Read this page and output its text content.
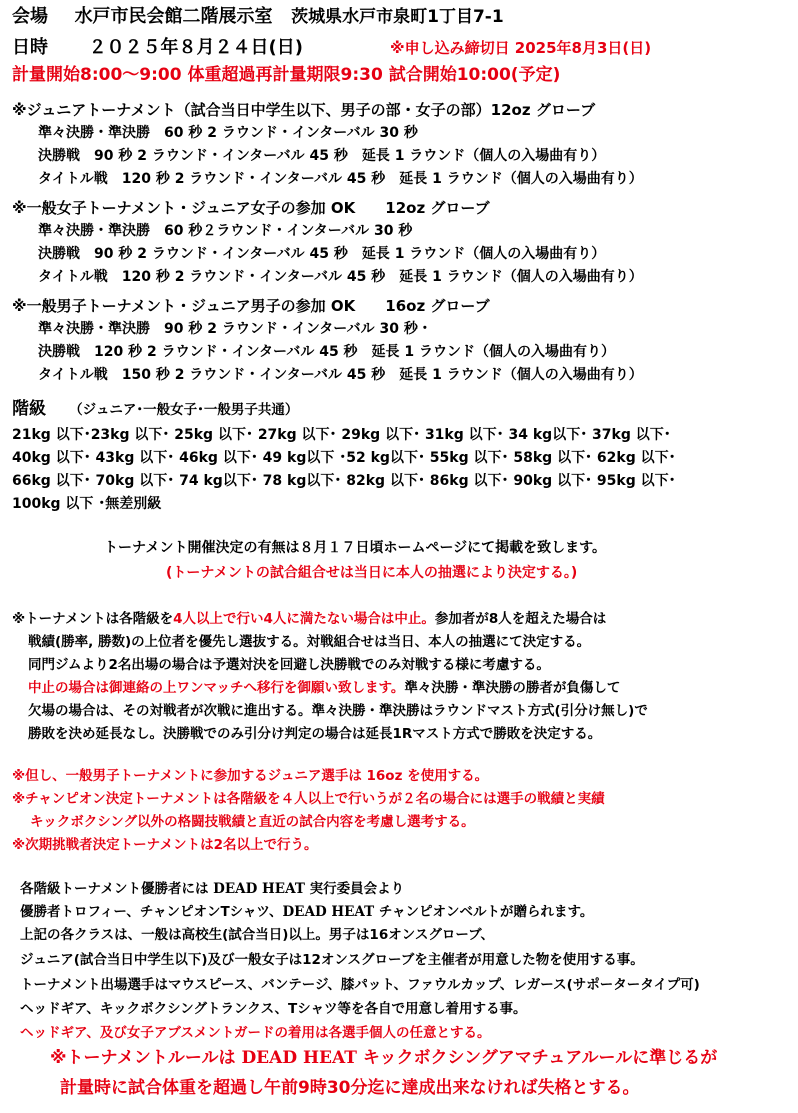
会場 水戸市民会館二階展示室 茨城県水戸市泉町1丁目7-1
日時 ２０２５年８月２４日(日)	※申し込み締切日 2025年8月3日(日)
計量開始8:00～9:00 体重超過再計量期限9:30 試合開始10:00(予定)
※ジュニアトーナメント（試合当日中学生以下、男子の部・女子の部）12oz グローブ
準々決勝・準決勝　60 秒 2 ラウンド・インターバル 30 秒
決勝戦　90 秒 2 ラウンド・インターバル 45 秒　延長 1 ラウンド（個人の入場曲有り）
タイトル戦　120 秒 2 ラウンド・インターバル 45 秒　延長 1 ラウンド（個人の入場曲有り）
※一般女子トーナメント・ジュニア女子の参加 OK　　12oz グローブ
準々決勝・準決勝　60 秒２ラウンド・インターバル 30 秒
決勝戦　90 秒 2 ラウンド・インターバル 45 秒　延長 1 ラウンド（個人の入場曲有り）
タイトル戦　120 秒 2 ラウンド・インターバル 45 秒　延長 1 ラウンド（個人の入場曲有り）
※一般男子トーナメント・ジュニア男子の参加 OK　　16oz グローブ
準々決勝・準決勝　90 秒 2 ラウンド・インターバル 30 秒・
決勝戦　120 秒 2 ラウンド・インターバル 45 秒　延長 1 ラウンド（個人の入場曲有り）
タイトル戦　150 秒 2 ラウンド・インターバル 45 秒　延長 1 ラウンド（個人の入場曲有り）
階級 （ジュニア･一般女子･一般男子共通）
21kg 以下･23kg 以下･ 25kg 以下･ 27kg 以下･ 29kg 以下･ 31kg 以下･ 34 kg以下･ 37kg 以下･
40kg 以下･ 43kg 以下･ 46kg 以下･ 49 kg以下 ･52 kg以下･ 55kg 以下･ 58kg 以下･ 62kg 以下･
66kg 以下･ 70kg 以下･ 74 kg以下･ 78 kg以下･ 82kg 以下･ 86kg 以下･ 90kg 以下･ 95kg 以下･
100kg 以下 ･無差別級
トーナメント開催決定の有無は８月１７日頃ホームページにて掲載を致します。
(トーナメントの試合組合せは当日に本人の抽選により決定する。)
※トーナメントは各階級を4人以上で行い4人に満たない場合は中止。参加者が8人を超えた場合は
戦績(勝率, 勝数)の上位者を優先し選抜する。対戦組合せは当日、本人の抽選にて決定する。
同門ジムより2名出場の場合は予選対決を回避し決勝戦でのみ対戦する様に考慮する。
中止の場合は御連絡の上ワンマッチへ移行を御願い致します。準々決勝・準決勝の勝者が負傷して
欠場の場合は、その対戦者が次戦に進出する。準々決勝・準決勝はラウンドマスト方式(引分け無し)で
勝敗を決め延長なし。決勝戦でのみ引分け判定の場合は延長1Rマスト方式で勝敗を決定する。
※但し、一般男子トーナメントに参加するジュニア選手は 16oz を使用する。
※チャンピオン決定トーナメントは各階級を４人以上で行いうが２名の場合には選手の戦績と実績
キックボクシング以外の格闘技戦績と直近の試合内容を考慮し選考する。
※次期挑戦者決定トーナメントは2名以上で行う。
各階級トーナメント優勝者には DEAD HEAT 実行委員会より
優勝者トロフィー、チャンピオンTシャツ、DEAD HEAT チャンピオンベルトが贈られます。
上記の各クラスは、一般は高校生(試合当日)以上。男子は16オンスグローブ、
ジュニア(試合当日中学生以下)及び一般女子は12オンスグローブを主催者が用意した物を使用する事。
トーナメント出場選手はマウスピース、バンテージ、膝パット、ファウルカップ、レガース(サポータータイプ可)
ヘッドギア、キックボクシングトランクス、Tシャツ等を各自で用意し着用する事。
ヘッドギア、及び女子アブスメントガードの着用は各選手個人の任意とする。
※トーナメントルールは DEAD HEAT キックボクシングアマチュアルールに準じるが
計量時に試合体重を超過し午前9時30分迄に達成出来なければ失格とする。
